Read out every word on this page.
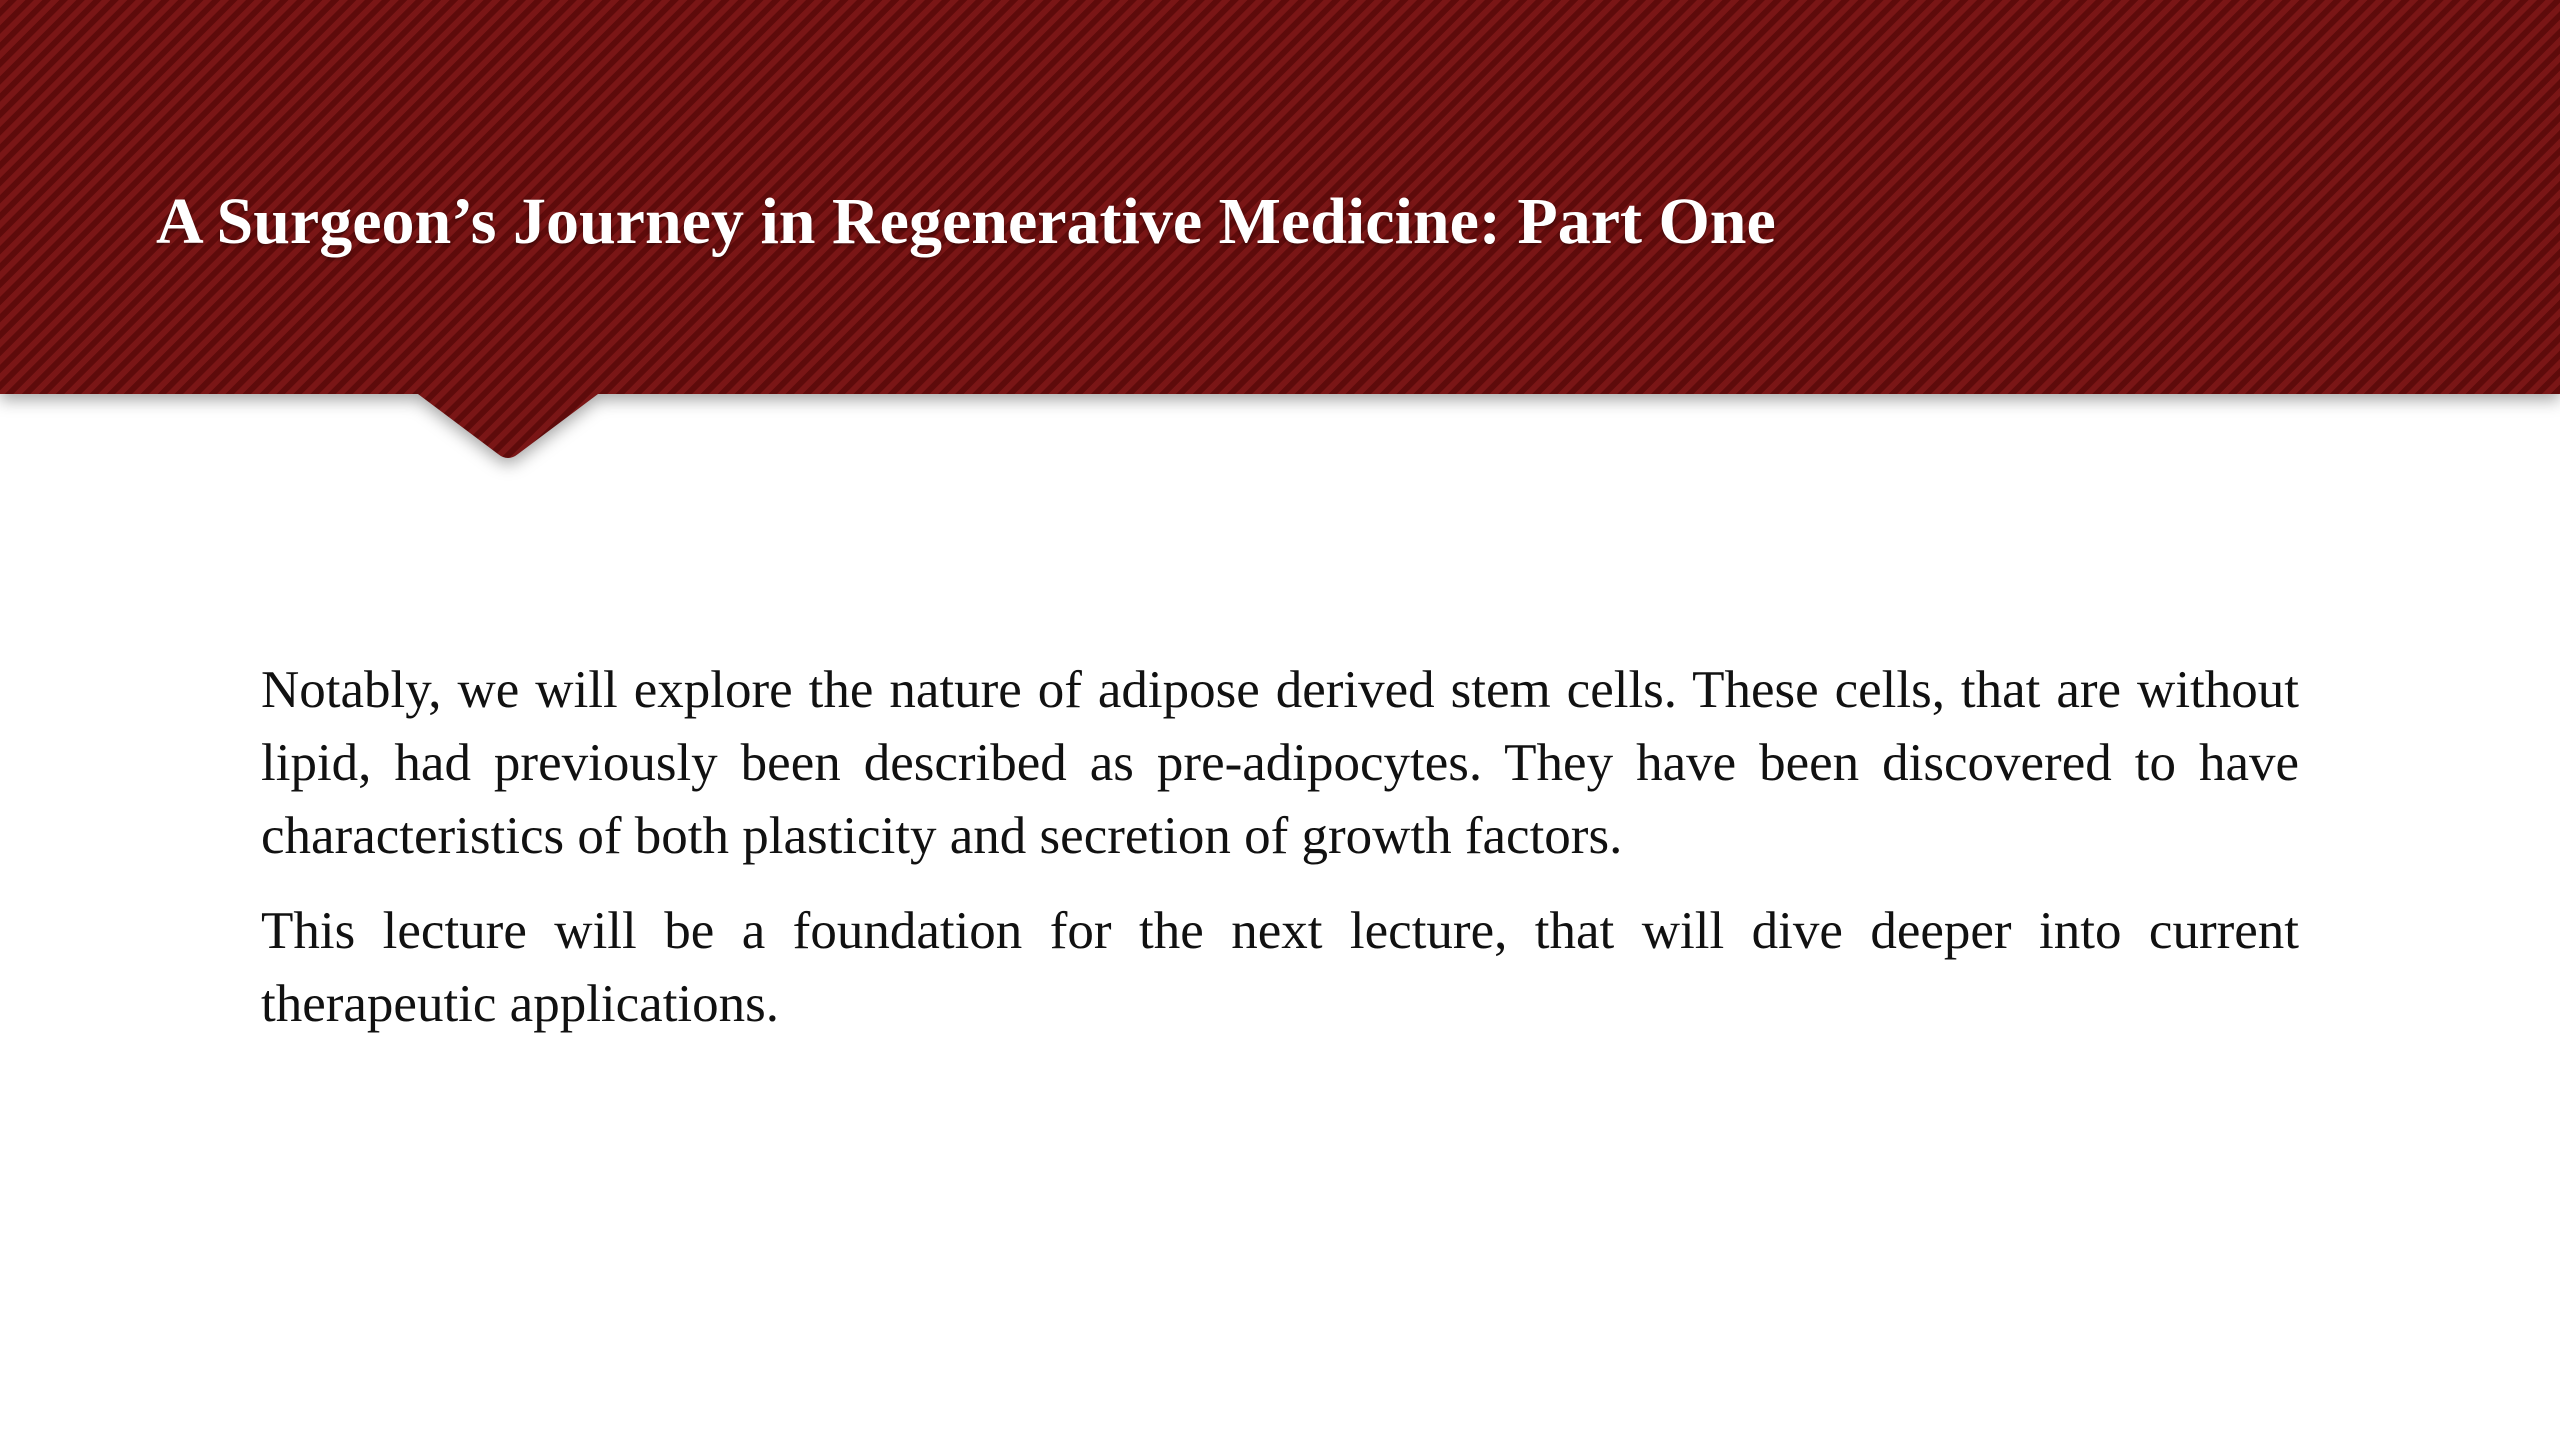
A Surgeon’s Journey in Regenerative Medicine: Part One

Notably, we will explore the nature of adipose derived stem cells. These cells, that are without lipid, had previously been described as pre-adipocytes. They have been discovered to have characteristics of both plasticity and secretion of growth factors.

This lecture will be a foundation for the next lecture, that will dive deeper into current therapeutic applications.
